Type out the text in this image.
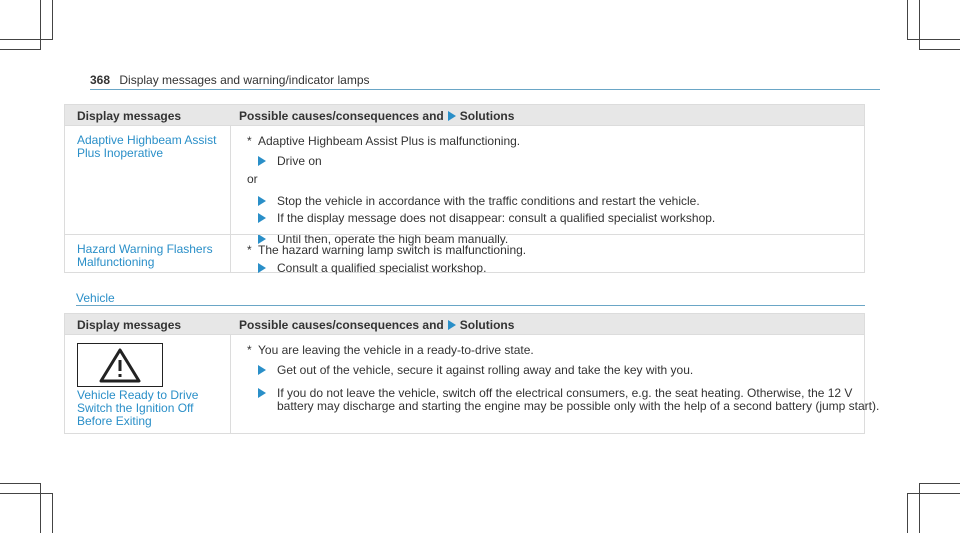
368 Display messages and warning/indicator lamps
Display messages	Possible causes/consequences and Solutions
Adaptive Highbeam Assist
Plus Inoperative
* Adaptive Highbeam Assist Plus is malfunctioning.
Drive on
or
Stop the vehicle in accordance with the traffic conditions and restart the vehicle.
If the display message does not disappear: consult a qualified specialist workshop.
Until then, operate the high beam manually.
Hazard Warning Flashers
Malfunctioning
* The hazard warning lamp switch is malfunctioning.
Consult a qualified specialist workshop.
Vehicle
Display messages	Possible causes/consequences and Solutions
Vehicle Ready to Drive
Switch the Ignition Off
Before Exiting
* You are leaving the vehicle in a ready-to-drive state.
Get out of the vehicle, secure it against rolling away and take the key with you.
If you do not leave the vehicle, switch off the electrical consumers, e.g. the seat heating. Otherwise, the 12 V
battery may discharge and starting the engine may be possible only with the help of a second battery (jump start).
